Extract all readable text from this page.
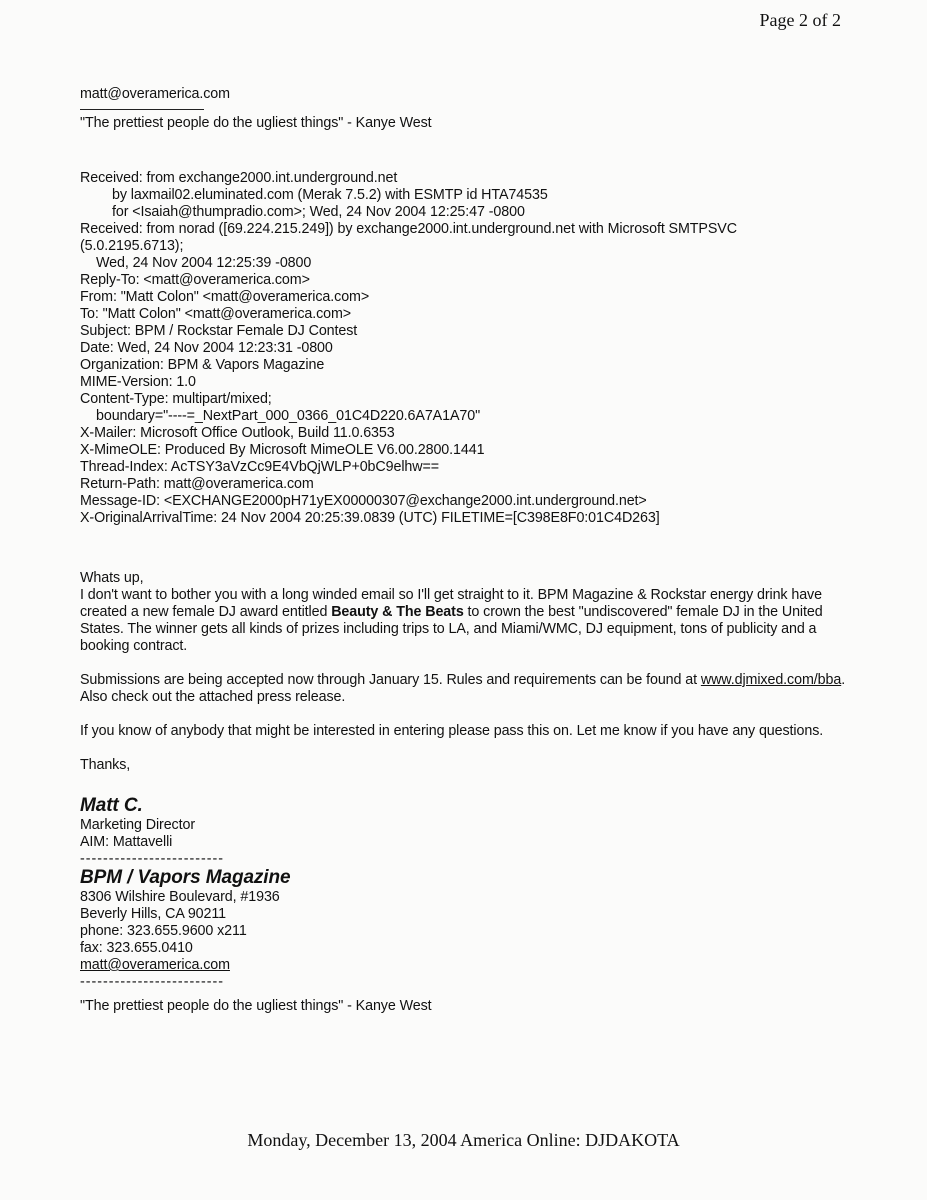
Page 2 of 2
matt@overamerica.com
"The prettiest people do the ugliest things" - Kanye West
Received: from exchange2000.int.underground.net
by laxmail02.eluminated.com (Merak 7.5.2) with ESMTP id HTA74535
for <Isaiah@thumpradio.com>; Wed, 24 Nov 2004 12:25:47 -0800
Received: from norad ([69.224.215.249]) by exchange2000.int.underground.net with Microsoft SMTPSVC
(5.0.2195.6713);
Wed, 24 Nov 2004 12:25:39 -0800
Reply-To: <matt@overamerica.com>
From: "Matt Colon" <matt@overamerica.com>
To: "Matt Colon" <matt@overamerica.com>
Subject: BPM / Rockstar Female DJ Contest
Date: Wed, 24 Nov 2004 12:23:31 -0800
Organization: BPM & Vapors Magazine
MIME-Version: 1.0
Content-Type: multipart/mixed;
boundary="----=_NextPart_000_0366_01C4D220.6A7A1A70"
X-Mailer: Microsoft Office Outlook, Build 11.0.6353
X-MimeOLE: Produced By Microsoft MimeOLE V6.00.2800.1441
Thread-Index: AcTSY3aVzCc9E4VbQjWLP+0bC9elhw==
Return-Path: matt@overamerica.com
Message-ID: <EXCHANGE2000pH71yEX00000307@exchange2000.int.underground.net>
X-OriginalArrivalTime: 24 Nov 2004 20:25:39.0839 (UTC) FILETIME=[C398E8F0:01C4D263]
Whats up,

I don't want to bother you with a long winded email so I'll get straight to it. BPM Magazine & Rockstar energy drink have created a new female DJ award entitled Beauty & The Beats to crown the best "undiscovered" female DJ in the United States. The winner gets all kinds of prizes including trips to LA, and Miami/WMC, DJ equipment, tons of publicity and a booking contract.

Submissions are being accepted now through January 15. Rules and requirements can be found at www.djmixed.com/bba. Also check out the attached press release.

If you know of anybody that might be interested in entering please pass this on. Let me know if you have any questions.

Thanks,
Matt C.
Marketing Director
AIM: Mattavelli
-------------------------
BPM / Vapors Magazine
8306 Wilshire Boulevard, #1936
Beverly Hills, CA 90211
phone: 323.655.9600 x211
fax: 323.655.0410
matt@overamerica.com
-------------------------
"The prettiest people do the ugliest things" - Kanye West
Monday, December 13, 2004 America Online: DJDAKOTA
